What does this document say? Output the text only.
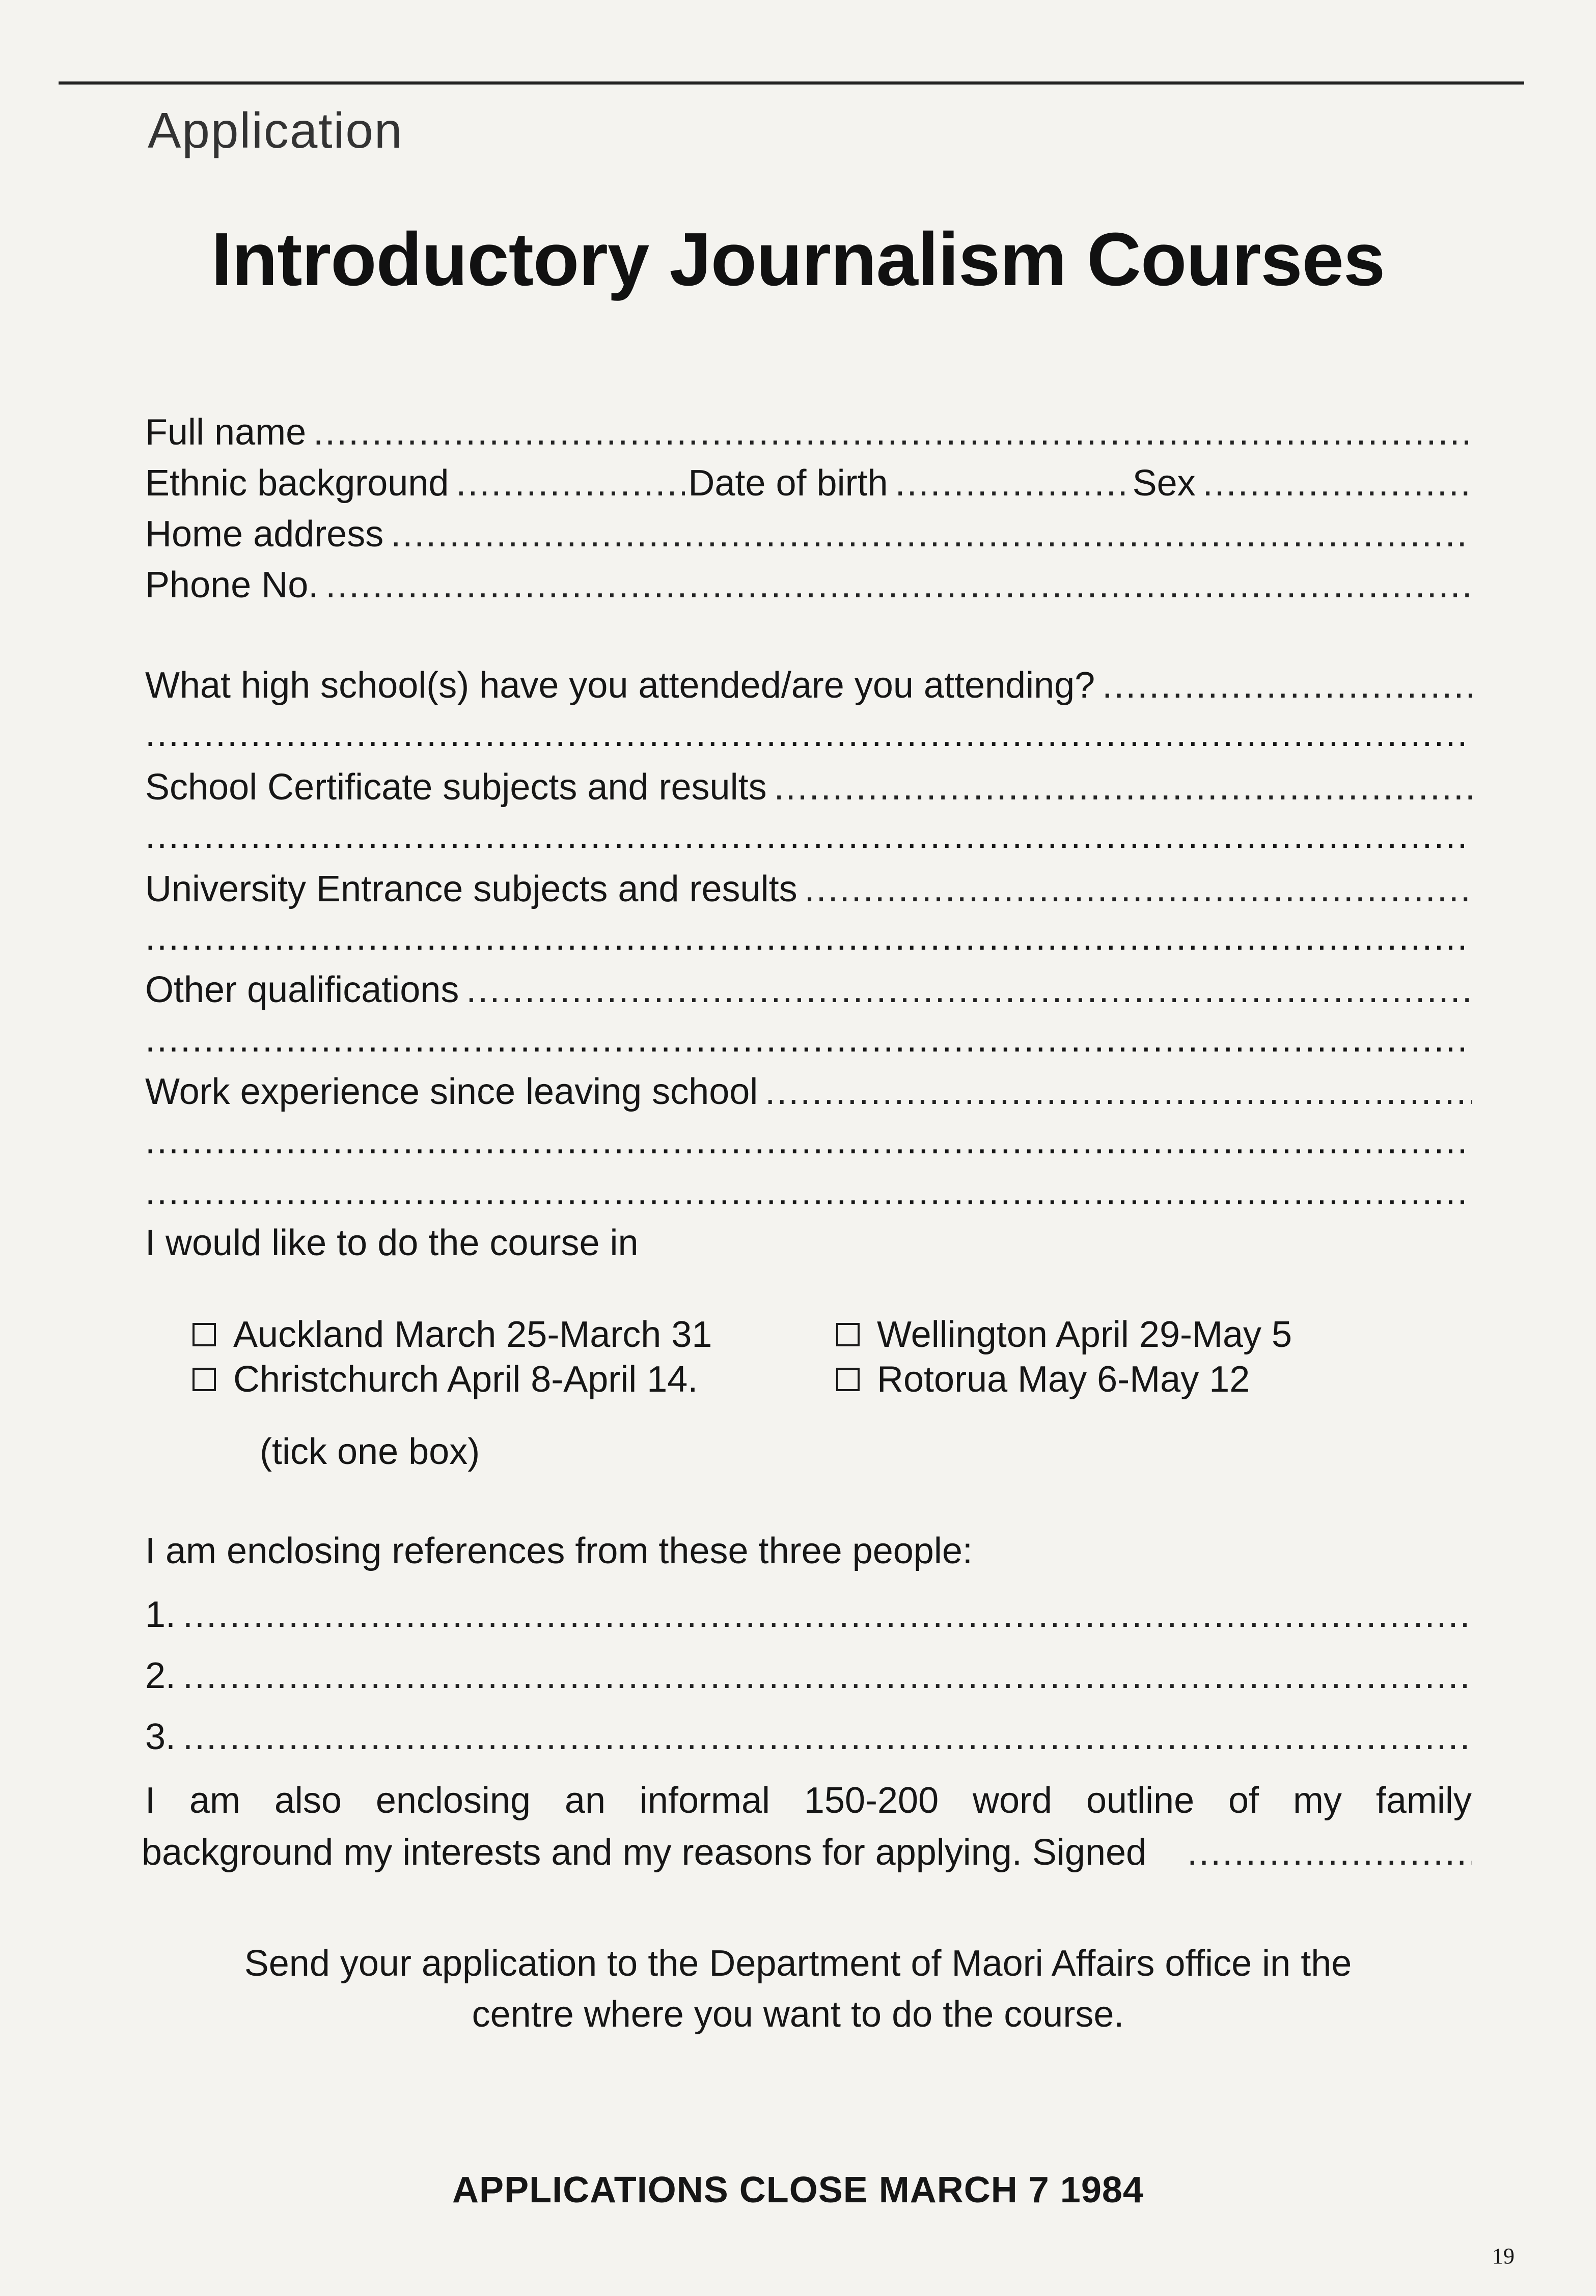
Application
Introductory Journalism Courses
Full name
.....
Ethnic background .....	Date of birth .....	Sex
.....
Home address
.....
Phone No.
.....
What high school(s) have you attended/are you attending?
.....
.....
School Certificate subjects and results
.....
.....
University Entrance subjects and results
.....
.....
Other qualifications
.....
.....
Work experience since leaving school
.....
.....
.....
I would like to do the course in
Auckland March 25-March 31	Wellington April 29-May 5
Christchurch April 8-April 14.	Rotorua May 6-May 12
(tick one box)
I am enclosing references from these three people:
1.
.....
2.
.....
3.
.....
I am also enclosing an informal 150-200 word outline of my family
background my interests and my reasons for applying. Signed
.....
Send your application to the Department of Maori Affairs office in the
centre where you want to do the course.
APPLICATIONS CLOSE MARCH 7 1984
19
